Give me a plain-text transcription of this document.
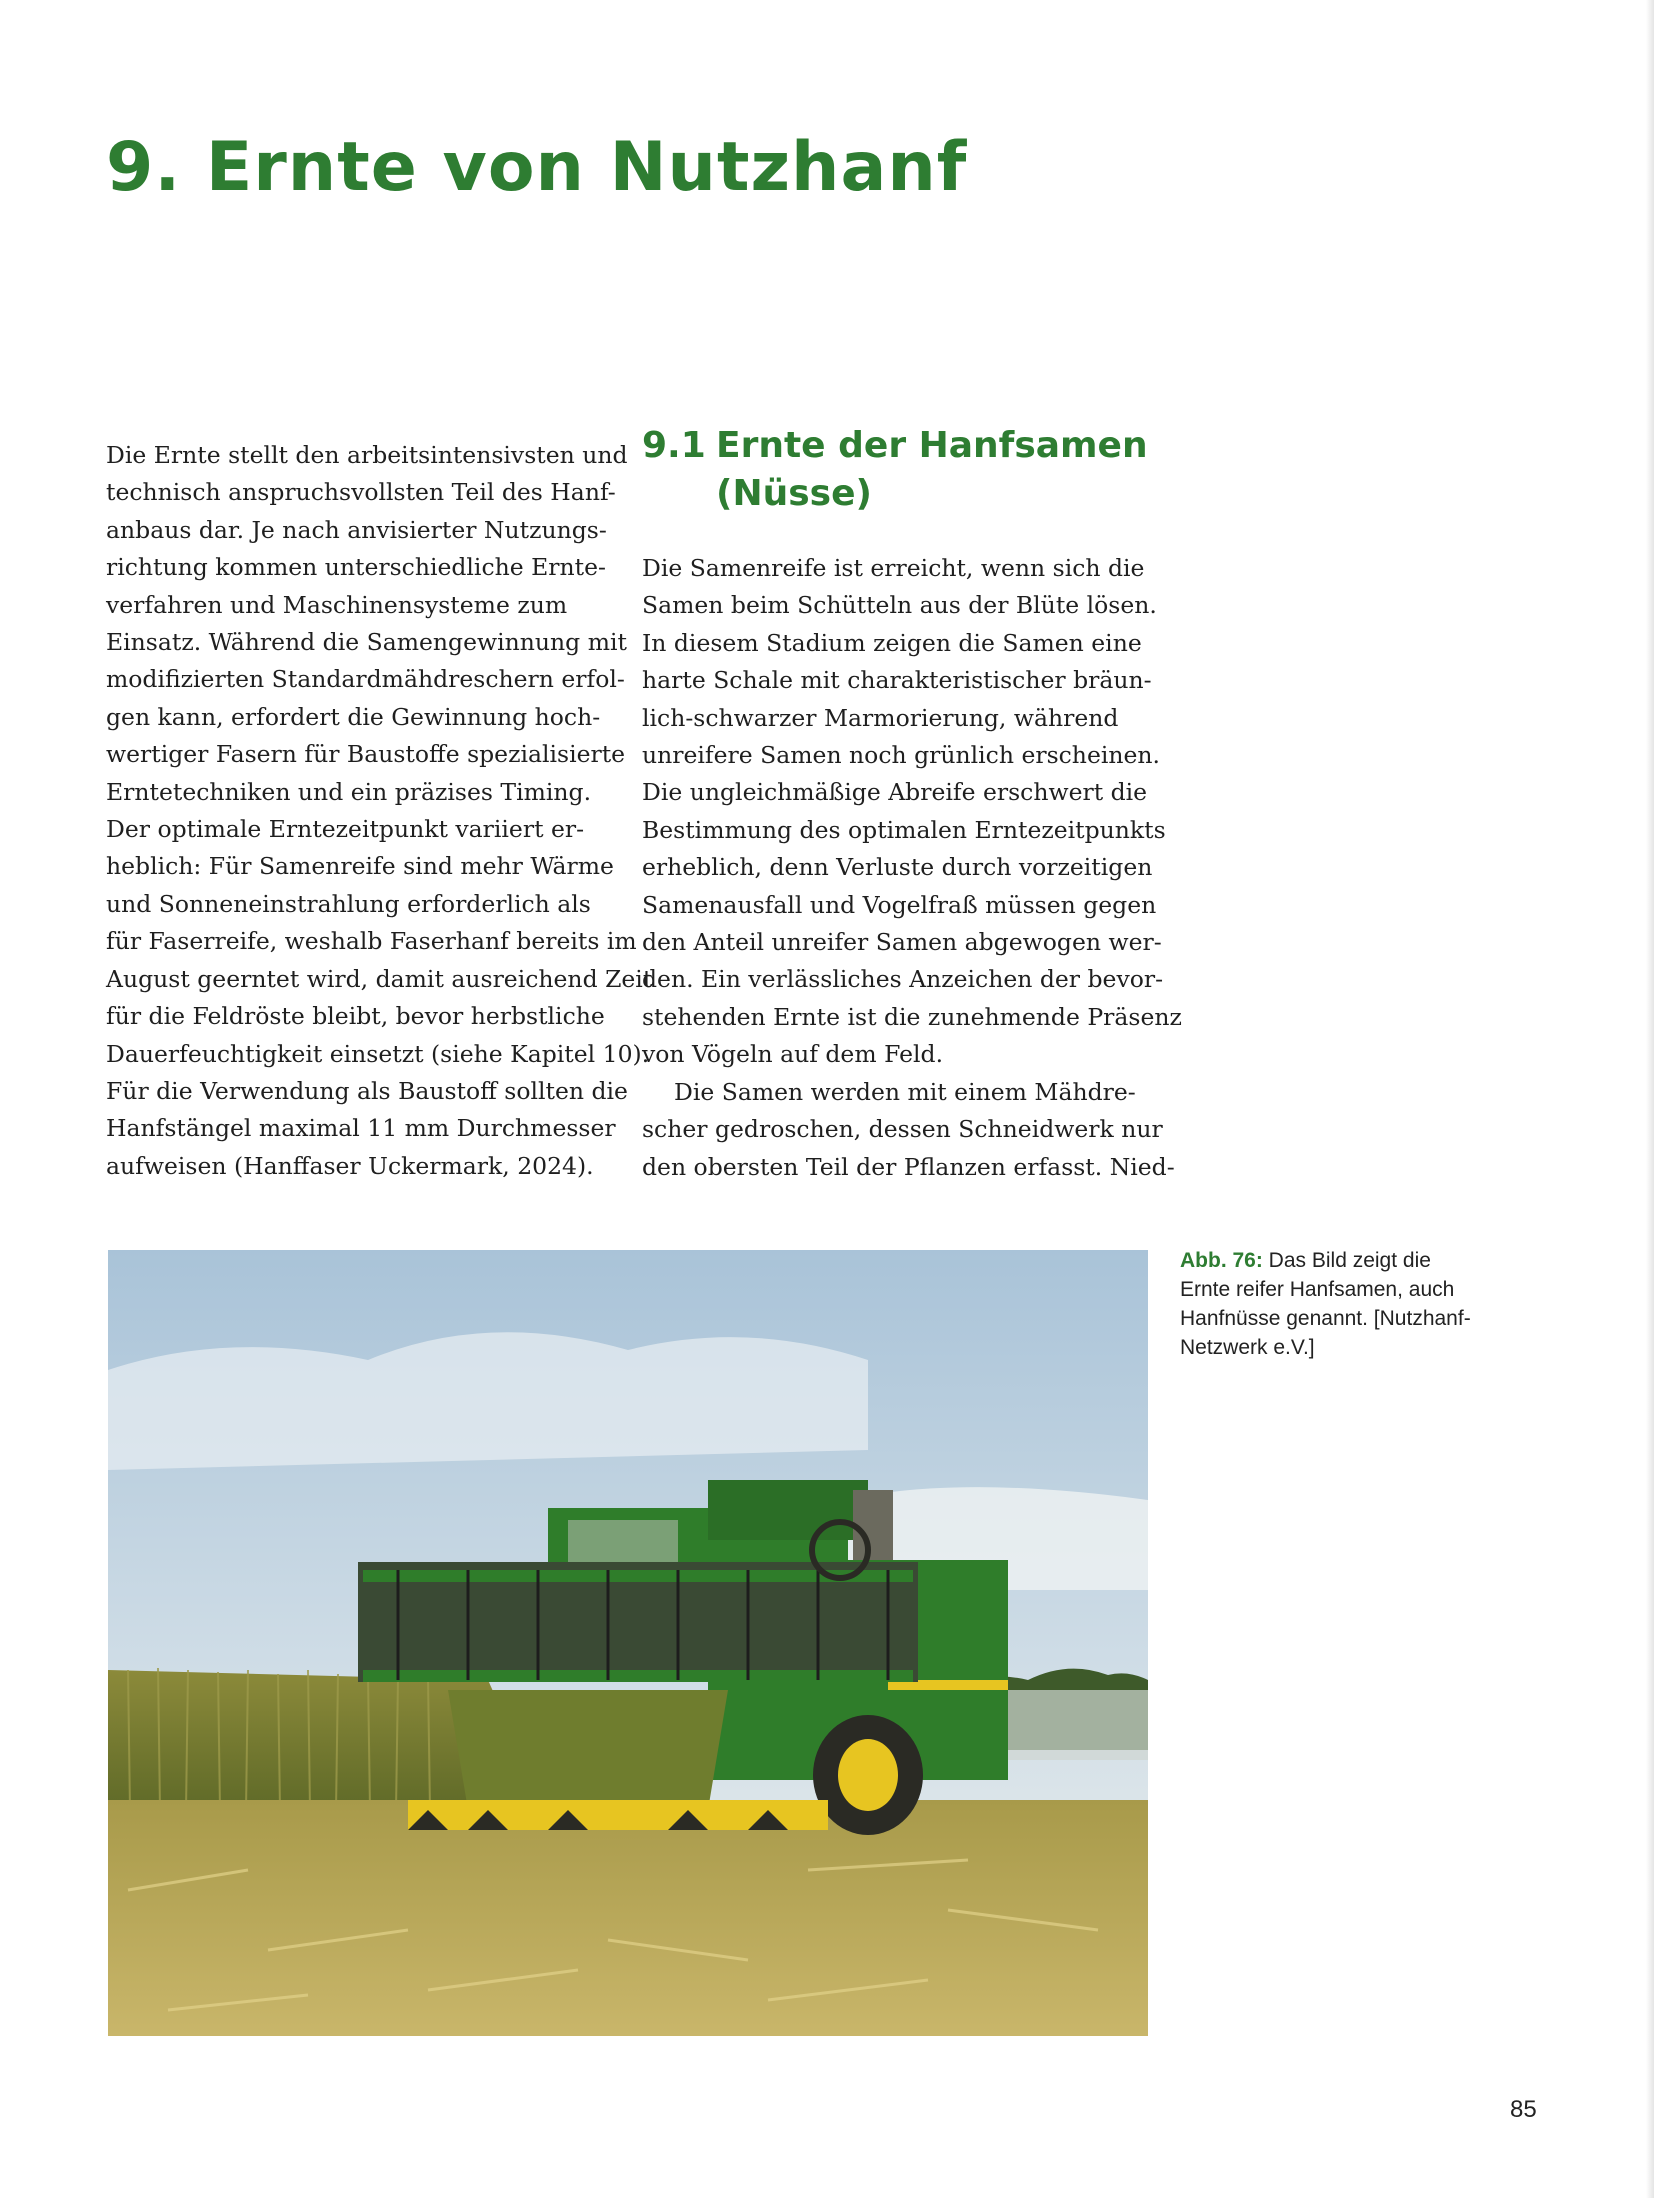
9. Ernte von Nutzhanf

Die Ernte stellt den arbeitsintensivsten und
technisch anspruchsvollsten Teil des Hanf-
anbaus dar. Je nach anvisierter Nutzungs-
richtung kommen unterschiedliche Ernte-
verfahren und Maschinensysteme zum
Einsatz. Während die Samengewinnung mit
modifizierten Standardmähdreschern erfol-
gen kann, erfordert die Gewinnung hoch-
wertiger Fasern für Baustoffe spezialisierte
Erntetechniken und ein präzises Timing.
Der optimale Erntezeitpunkt variiert er-
heblich: Für Samenreife sind mehr Wärme
und Sonneneinstrahlung erforderlich als
für Faserreife, weshalb Faserhanf bereits im
August geerntet wird, damit ausreichend Zeit
für die Feldröste bleibt, bevor herbstliche
Dauerfeuchtigkeit einsetzt (siehe Kapitel 10).
Für die Verwendung als Baustoff sollten die
Hanfstängel maximal 11 mm Durchmesser
aufweisen (Hanffaser Uckermark, 2024).

9.1 Ernte der Hanfsamen
(Nüsse)

Die Samenreife ist erreicht, wenn sich die
Samen beim Schütteln aus der Blüte lösen.
In diesem Stadium zeigen die Samen eine
harte Schale mit charakteristischer bräun-
lich-schwarzer Marmorierung, während
unreifere Samen noch grünlich erscheinen.
Die ungleichmäßige Abreife erschwert die
Bestimmung des optimalen Erntezeitpunkts
erheblich, denn Verluste durch vorzeitigen
Samenausfall und Vogelfraß müssen gegen
den Anteil unreifer Samen abgewogen wer-
den. Ein verlässliches Anzeichen der bevor-
stehenden Ernte ist die zunehmende Präsenz
von Vögeln auf dem Feld.

Die Samen werden mit einem Mähdre-
scher gedroschen, dessen Schneidwerk nur
den obersten Teil der Pflanzen erfasst. Nied-

Abb. 76: Das Bild zeigt die
Ernte reifer Hanfsamen, auch
Hanfnüsse genannt. [Nutzhanf-
Netzwerk e.V.]
85
